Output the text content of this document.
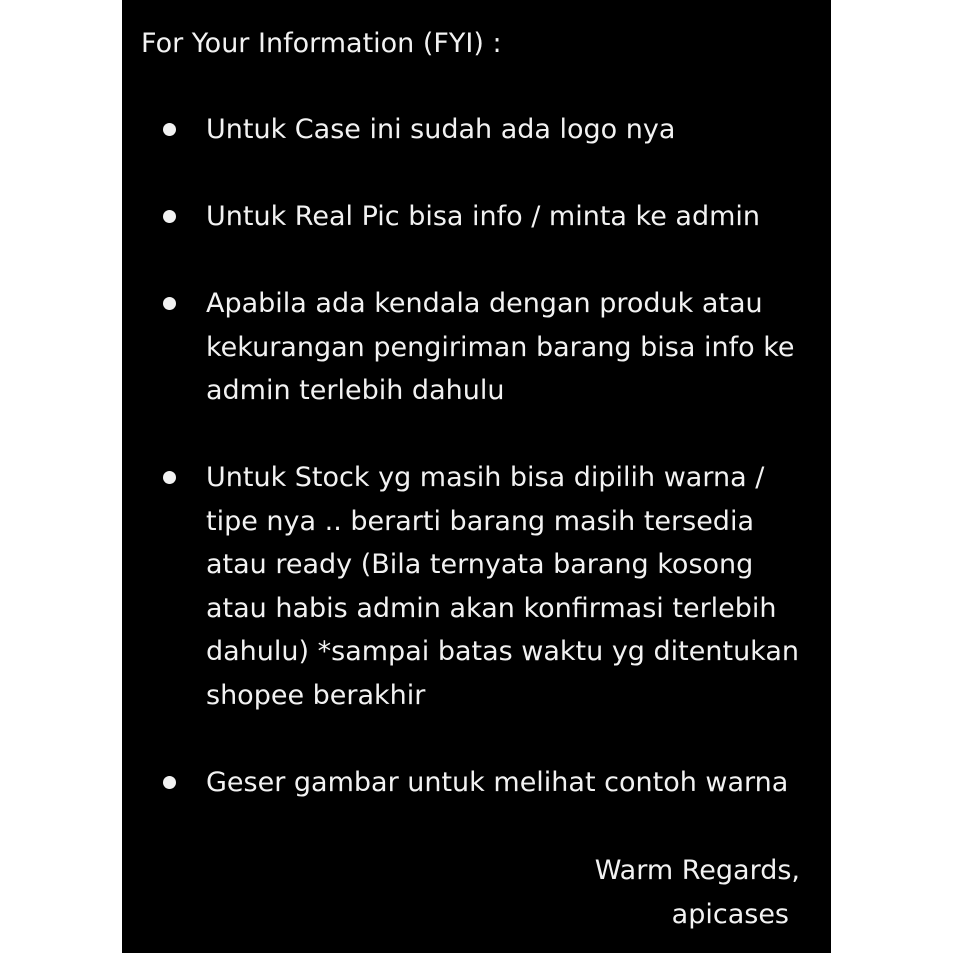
For Your Information (FYI) :
Untuk Case ini sudah ada logo nya
Untuk Real Pic bisa info / minta ke admin
Apabila ada kendala dengan produk atau
kekurangan pengiriman barang bisa info ke
admin terlebih dahulu
Untuk Stock yg masih bisa dipilih warna /
tipe nya .. berarti barang masih tersedia
atau ready (Bila ternyata barang kosong
atau habis admin akan konfirmasi terlebih
dahulu) *sampai batas waktu yg ditentukan
shopee berakhir
Geser gambar untuk melihat contoh warna
Warm Regards,
apicases
